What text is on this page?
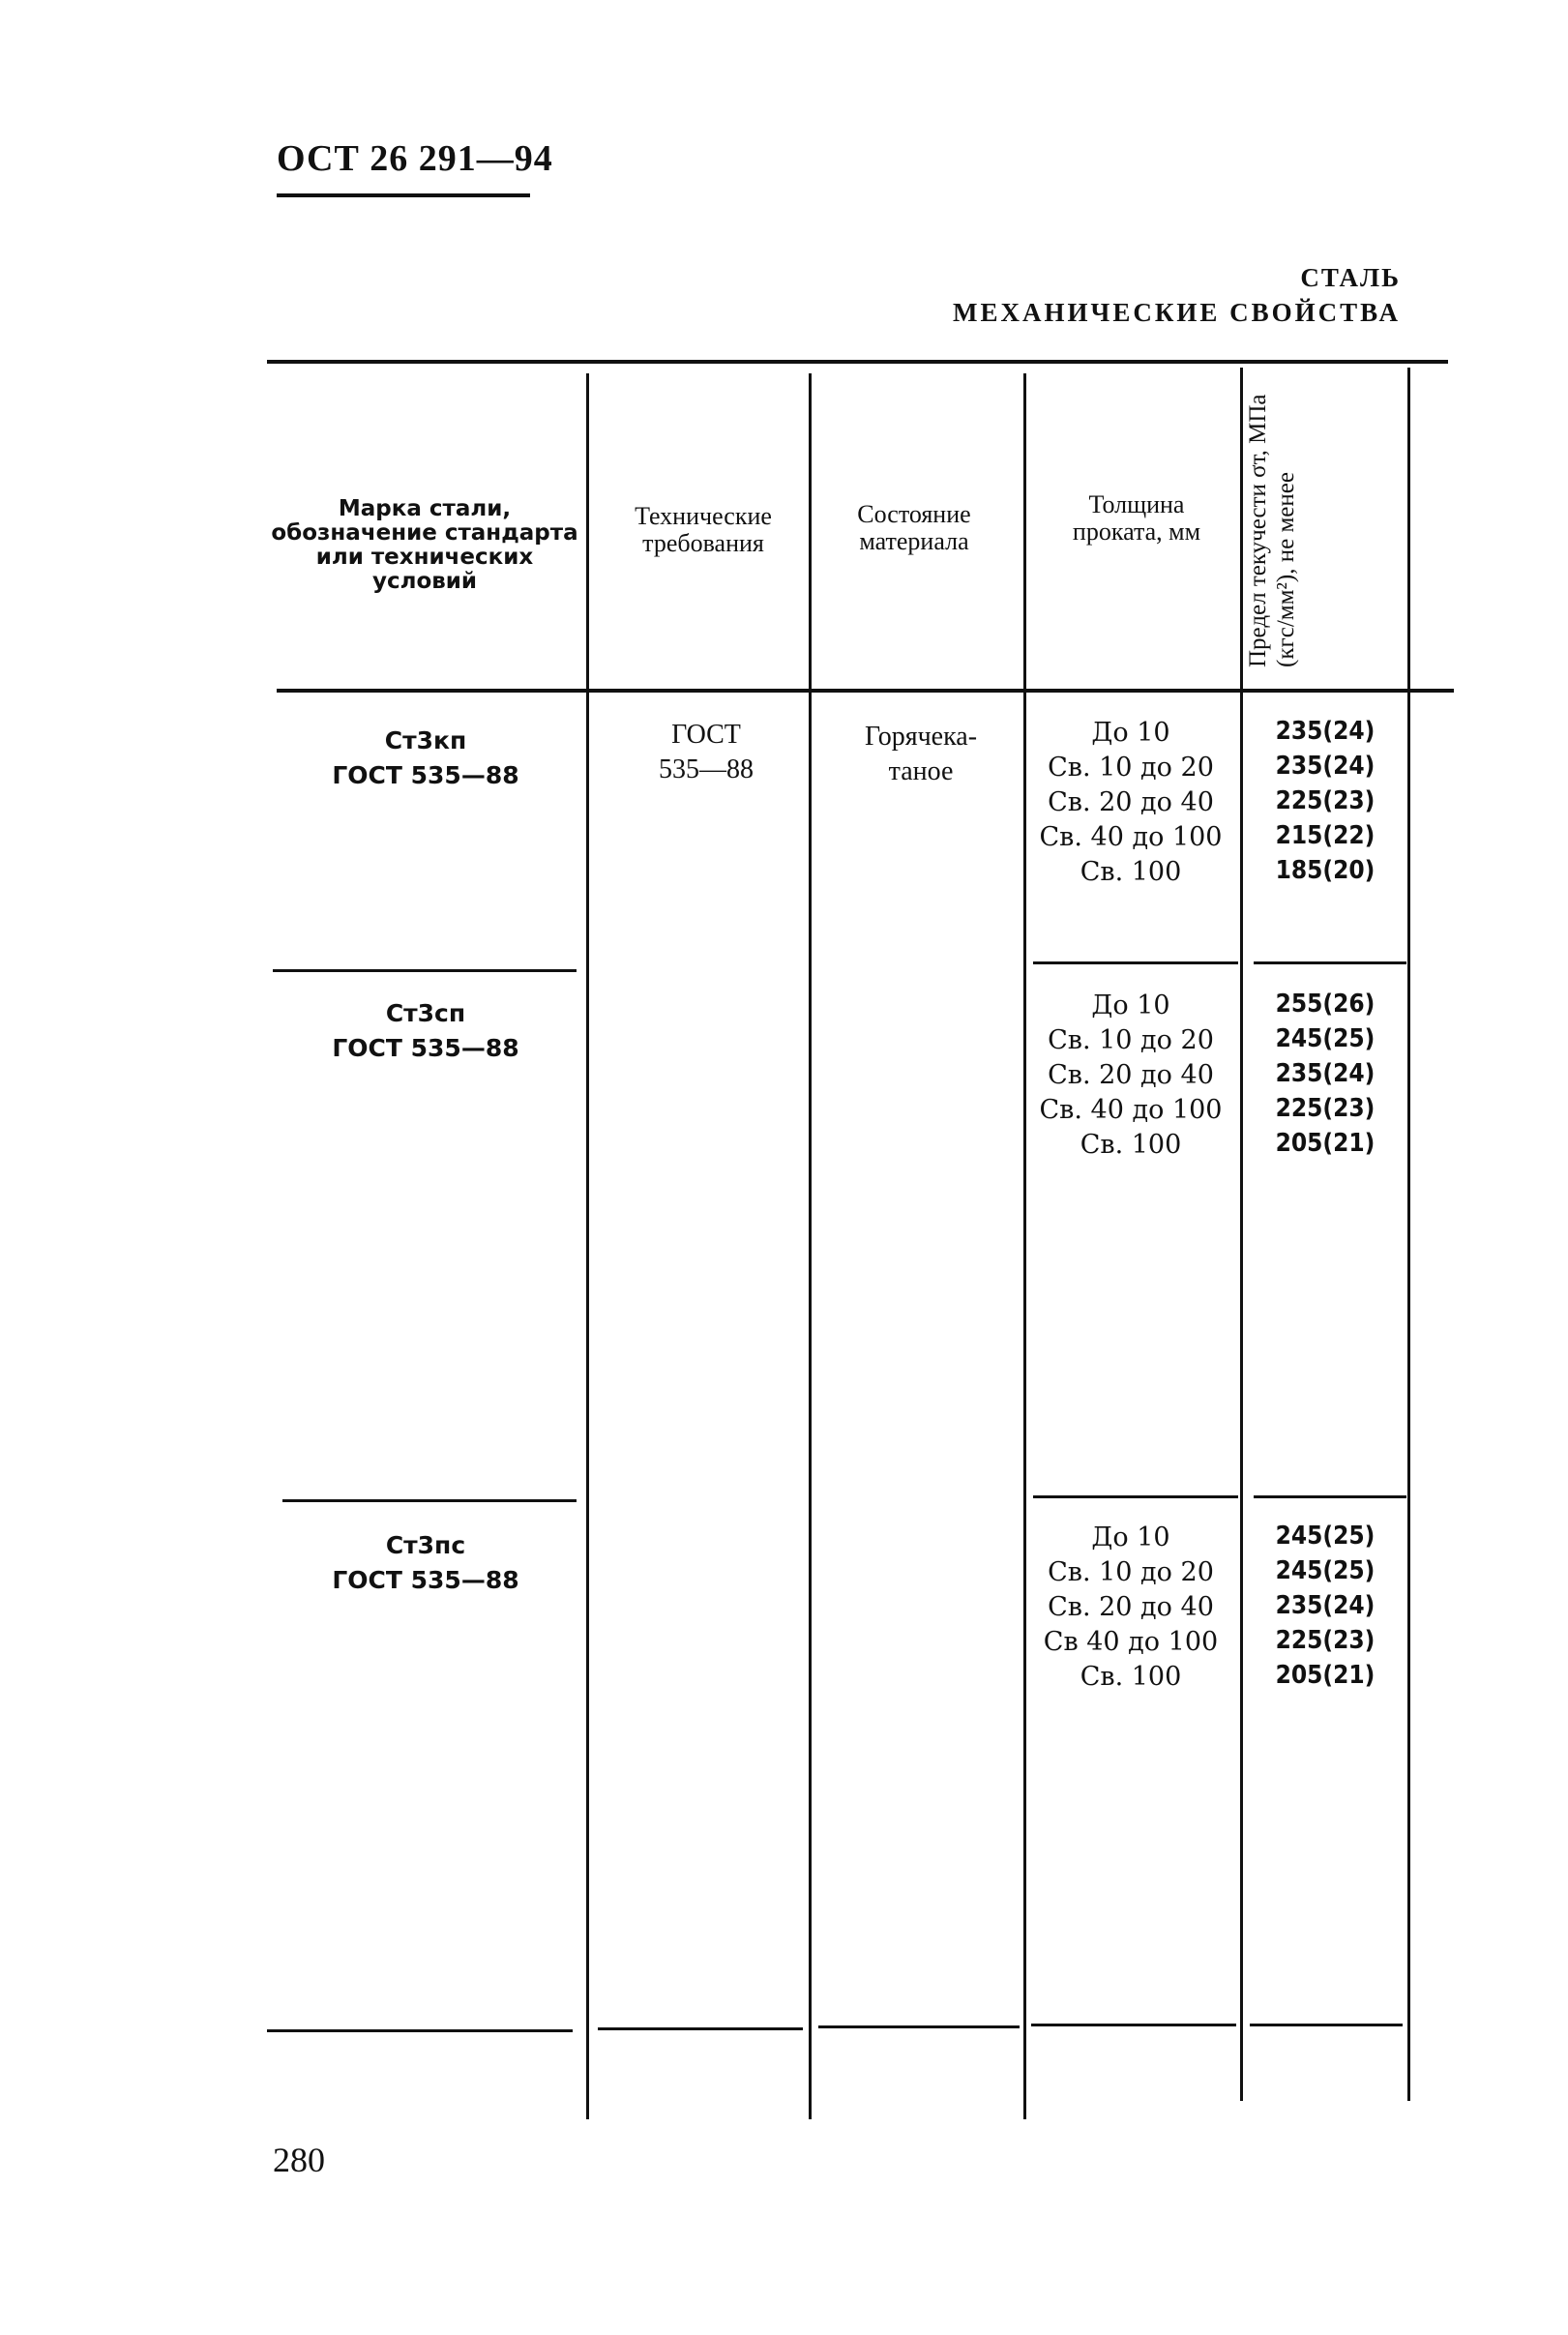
ОСТ 26 291—94
СТАЛЬ
МЕХАНИЧЕСКИЕ СВОЙСТВА
Марка стали, обозначение стандарта или технических условий
Технические требования
Состояние материала
Толщина проката, мм	Предел текучести σт, МПа (кгс/мм²), не менее
ГОСТ
535—88
Горячека-
таное
Ст3кп
ГОСТ 535—88
До 10
Св. 10 до 20
Св. 20 до 40
Св. 40 до 100
Св. 100
235(24)
235(24)
225(23)
215(22)
185(20)
Ст3сп
ГОСТ 535—88
До 10
Св. 10 до 20
Св. 20 до 40
Св. 40 до 100
Св. 100
255(26)
245(25)
235(24)
225(23)
205(21)
Ст3пс
ГОСТ 535—88
До 10
Св. 10 до 20
Св. 20 до 40
Св 40 до 100
Св. 100
245(25)
245(25)
235(24)
225(23)
205(21)
280
